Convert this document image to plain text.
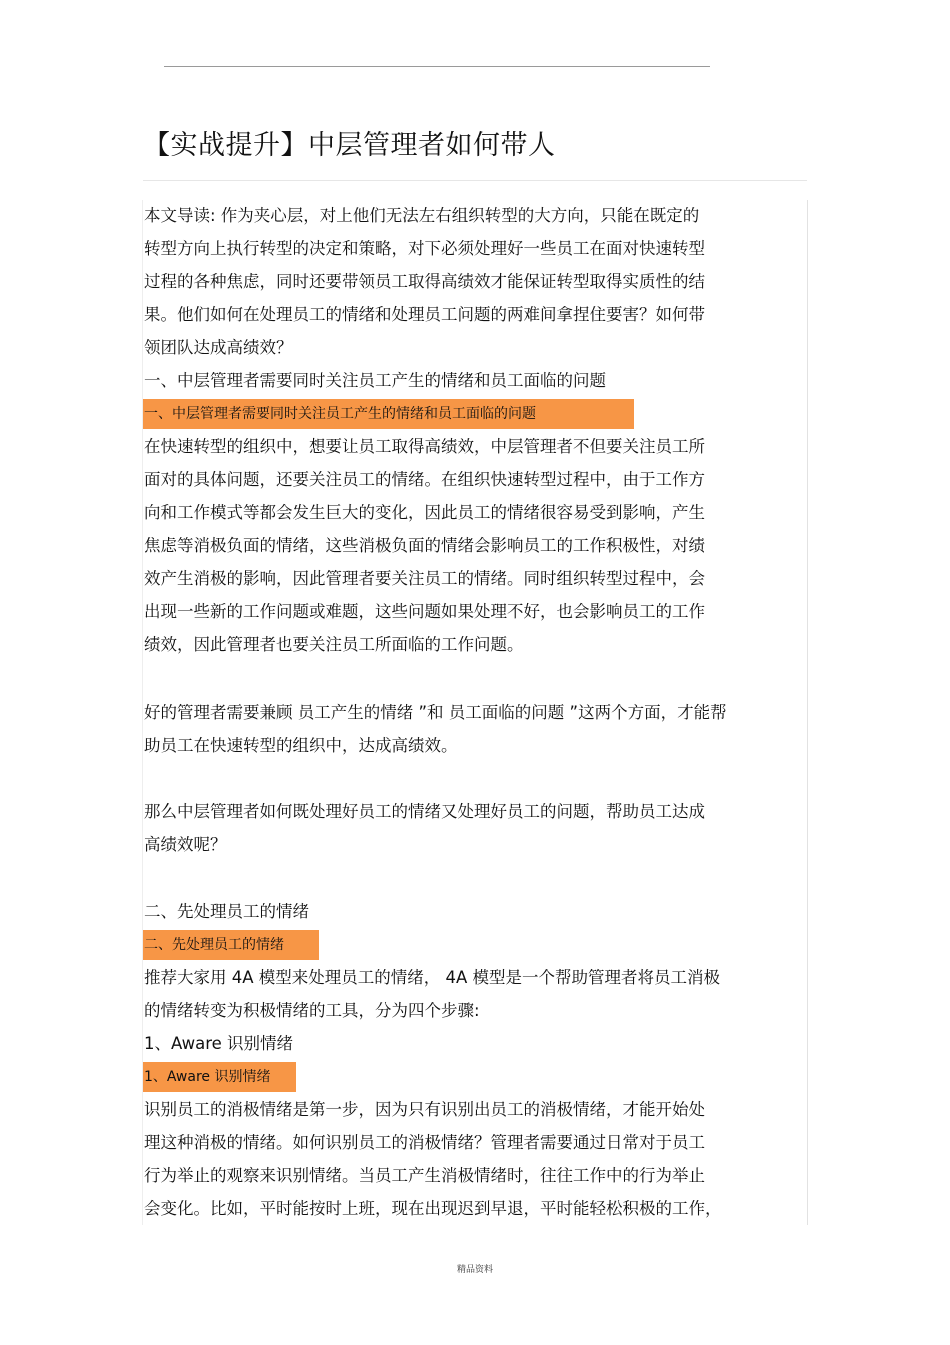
【实战提升】中层管理者如何带人

本文导读: 作为夹心层，对上他们无法左右组织转型的大方向，只能在既定的

转型方向上执行转型的决定和策略，对下必须处理好一些员工在面对快速转型

过程的各种焦虑，同时还要带领员工取得高绩效才能保证转型取得实质性的结

果。他们如何在处理员工的情绪和处理员工问题的两难间拿捏住要害？如何带

领团队达成高绩效？

一、中层管理者需要同时关注员工产生的情绪和员工面临的问题

一、中层管理者需要同时关注员工产生的情绪和员工面临的问题

在快速转型的组织中，想要让员工取得高绩效，中层管理者不但要关注员工所

面对的具体问题，还要关注员工的情绪。在组织快速转型过程中，由于工作方

向和工作模式等都会发生巨大的变化，因此员工的情绪很容易受到影响，产生

焦虑等消极负面的情绪，这些消极负面的情绪会影响员工的工作积极性，对绩

效产生消极的影响，因此管理者要关注员工的情绪。同时组织转型过程中，会

出现一些新的工作问题或难题，这些问题如果处理不好，也会影响员工的工作

绩效，因此管理者也要关注员工所面临的工作问题。

好的管理者需要兼顾 员工产生的情绪 ”和 员工面临的问题 ”这两个方面，才能帮

助员工在快速转型的组织中，达成高绩效。

那么中层管理者如何既处理好员工的情绪又处理好员工的问题，帮助员工达成

高绩效呢？

二、先处理员工的情绪

二、先处理员工的情绪

推荐大家用 4A 模型来处理员工的情绪， 4A 模型是一个帮助管理者将员工消极

的情绪转变为积极情绪的工具，分为四个步骤:

1、Aware 识别情绪

1、Aware 识别情绪

识别员工的消极情绪是第一步，因为只有识别出员工的消极情绪，才能开始处

理这种消极的情绪。如何识别员工的消极情绪？管理者需要通过日常对于员工

行为举止的观察来识别情绪。当员工产生消极情绪时，往往工作中的行为举止

会变化。比如，平时能按时上班，现在出现迟到早退，平时能轻松积极的工作，

精品资料
